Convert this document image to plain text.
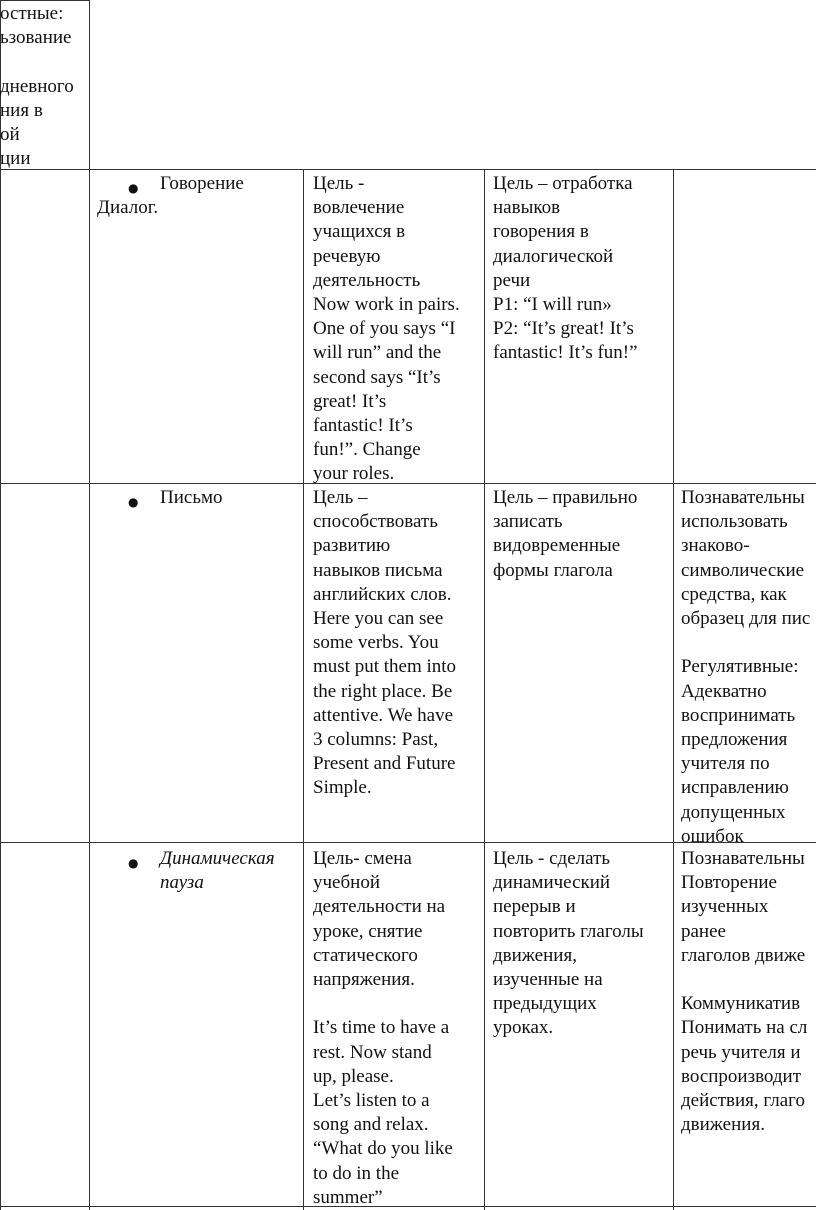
остные:
ьзование

дневного
ния в
ой
ции
● Говорение
Диалог.
Цель -
вовлечение
учащихся в
речевую
деятельность
Now work in pairs.
One of you says “I
will run” and the
second says “It’s
great! It’s
fantastic! It’s
fun!”. Change
your roles.
Цель – отработка
навыков
говорения в
диалогической
речи
P1: “I will run»
P2: “It’s great! It’s
fantastic! It’s fun!”
● Письмо	Цель –
способствовать
развитию
навыков письма
английских слов.
Here you can see
some verbs. You
must put them into
the right place. Be
attentive. We have
3 columns: Past,
Present and Future
Simple.
Цель – правильно
записать
видовременные
формы глагола
Познавательны
использовать
знаково-
символические
средства, как
образец для пис

Регулятивные:
Адекватно
воспринимать
предложения
учителя по
исправлению
допущенных
ошибок
● Динамическая
пауза
Цель- смена
учебной
деятельности на
уроке, снятие
статического
напряжения.

It’s time to have a
rest. Now stand
up, please.
Let’s listen to a
song and relax.
“What do you like
to do in the
summer”
Цель - сделать
динамический
перерыв и
повторить глаголы
движения,
изученные на
предыдущих
уроках.
Познавательны
Повторение
изученных ранее
глаголов движе

Коммуникатив
Понимать на сл
речь учителя и
воспроизводит
действия, глаго
движения.
